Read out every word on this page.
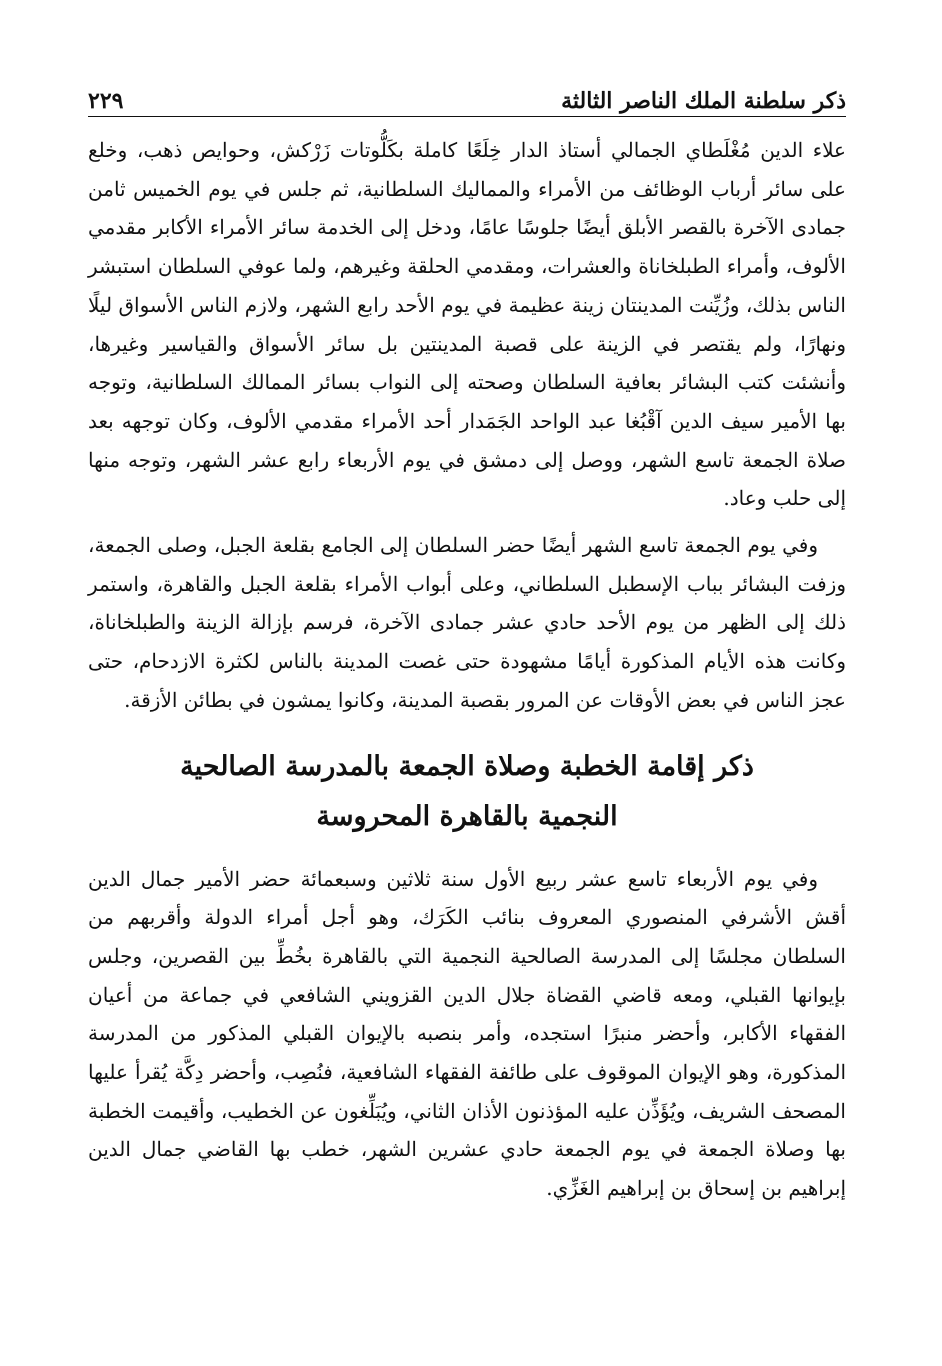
ذكر سلطنة الملك الناصر الثالثة
٢٢٩

علاء الدين مُغْلَطاي الجمالي أستاذ الدار خِلَعًا كاملة بكَلُّوتات زَرْكش، وحوايص ذهب، وخلع على سائر أرباب الوظائف من الأمراء والمماليك السلطانية، ثم جلس في يوم الخميس ثامن جمادى الآخرة بالقصر الأبلق أيضًا جلوسًا عامًا، ودخل إلى الخدمة سائر الأمراء الأكابر مقدمي الألوف، وأمراء الطبلخاناة والعشرات، ومقدمي الحلقة وغيرهم، ولما عوفي السلطان استبشر الناس بذلك، وزُيِّنت المدينتان زينة عظيمة في يوم الأحد رابع الشهر، ولازم الناس الأسواق ليلًا ونهارًا، ولم يقتصر في الزينة على قصبة المدينتين بل سائر الأسواق والقياسير وغيرها، وأنشئت كتب البشائر بعافية السلطان وصحته إلى النواب بسائر الممالك السلطانية، وتوجه بها الأمير سيف الدين آقْبُغا عبد الواحد الجَمَدار أحد الأمراء مقدمي الألوف، وكان توجهه بعد صلاة الجمعة تاسع الشهر، ووصل إلى دمشق في يوم الأربعاء رابع عشر الشهر، وتوجه منها إلى حلب وعاد.

وفي يوم الجمعة تاسع الشهر أيضًا حضر السلطان إلى الجامع بقلعة الجبل، وصلى الجمعة، وزفت البشائر بباب الإسطبل السلطاني، وعلى أبواب الأمراء بقلعة الجبل والقاهرة، واستمر ذلك إلى الظهر من يوم الأحد حادي عشر جمادى الآخرة، فرسم بإزالة الزينة والطبلخاناة، وكانت هذه الأيام المذكورة أيامًا مشهودة حتى غصت المدينة بالناس لكثرة الازدحام، حتى عجز الناس في بعض الأوقات عن المرور بقصبة المدينة، وكانوا يمشون في بطائن الأزقة.

ذكر إقامة الخطبة وصلاة الجمعة بالمدرسة الصالحية
النجمية بالقاهرة المحروسة

وفي يوم الأربعاء تاسع عشر ربيع الأول سنة ثلاثين وسبعمائة حضر الأمير جمال الدين أقش الأشرفي المنصوري المعروف بنائب الكَرَك، وهو أجل أمراء الدولة وأقربهم من السلطان مجلسًا إلى المدرسة الصالحية النجمية التي بالقاهرة بخُطِّ بين القصرين، وجلس بإيوانها القبلي، ومعه قاضي القضاة جلال الدين القزويني الشافعي في جماعة من أعيان الفقهاء الأكابر، وأحضر منبرًا استجده، وأمر بنصبه بالإيوان القبلي المذكور من المدرسة المذكورة، وهو الإيوان الموقوف على طائفة الفقهاء الشافعية، فنُصِب، وأحضر دِكَّة يُقرأ عليها المصحف الشريف، ويُؤَذِّن عليه المؤذنون الأذان الثاني، ويُبَلِّغون عن الخطيب، وأقيمت الخطبة بها وصلاة الجمعة في يوم الجمعة حادي عشرين الشهر، خطب بها القاضي جمال الدين إبراهيم بن إسحاق بن إبراهيم الغَزِّي.
